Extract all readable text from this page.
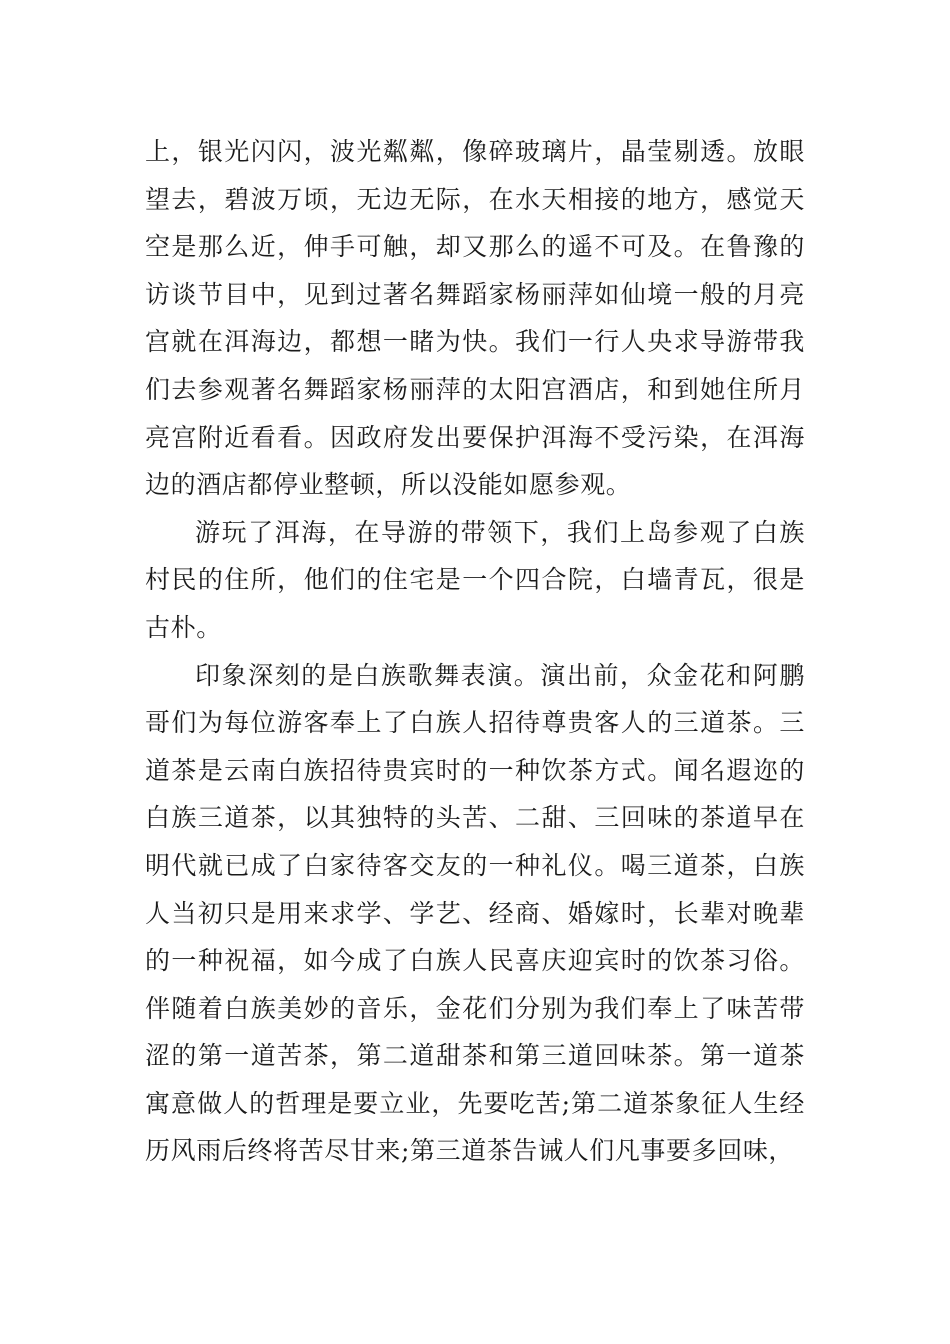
上，银光闪闪，波光粼粼，像碎玻璃片，晶莹剔透。放眼望去，碧波万顷，无边无际，在水天相接的地方，感觉天空是那么近，伸手可触，却又那么的遥不可及。在鲁豫的访谈节目中，见到过著名舞蹈家杨丽萍如仙境一般的月亮宫就在洱海边，都想一睹为快。我们一行人央求导游带我们去参观著名舞蹈家杨丽萍的太阳宫酒店，和到她住所月亮宫附近看看。因政府发出要保护洱海不受污染，在洱海边的酒店都停业整顿，所以没能如愿参观。

游玩了洱海，在导游的带领下，我们上岛参观了白族村民的住所，他们的住宅是一个四合院，白墙青瓦，很是古朴。

印象深刻的是白族歌舞表演。演出前，众金花和阿鹏哥们为每位游客奉上了白族人招待尊贵客人的三道茶。三道茶是云南白族招待贵宾时的一种饮茶方式。闻名遐迩的白族三道茶，以其独特的头苦、二甜、三回味的茶道早在明代就已成了白家待客交友的一种礼仪。喝三道茶，白族人当初只是用来求学、学艺、经商、婚嫁时，长辈对晚辈的一种祝福，如今成了白族人民喜庆迎宾时的饮茶习俗。伴随着白族美妙的音乐，金花们分别为我们奉上了味苦带涩的第一道苦茶，第二道甜茶和第三道回味茶。第一道茶寓意做人的哲理是要立业，先要吃苦;第二道茶象征人生经历风雨后终将苦尽甘来;第三道茶告诫人们凡事要多回味，
